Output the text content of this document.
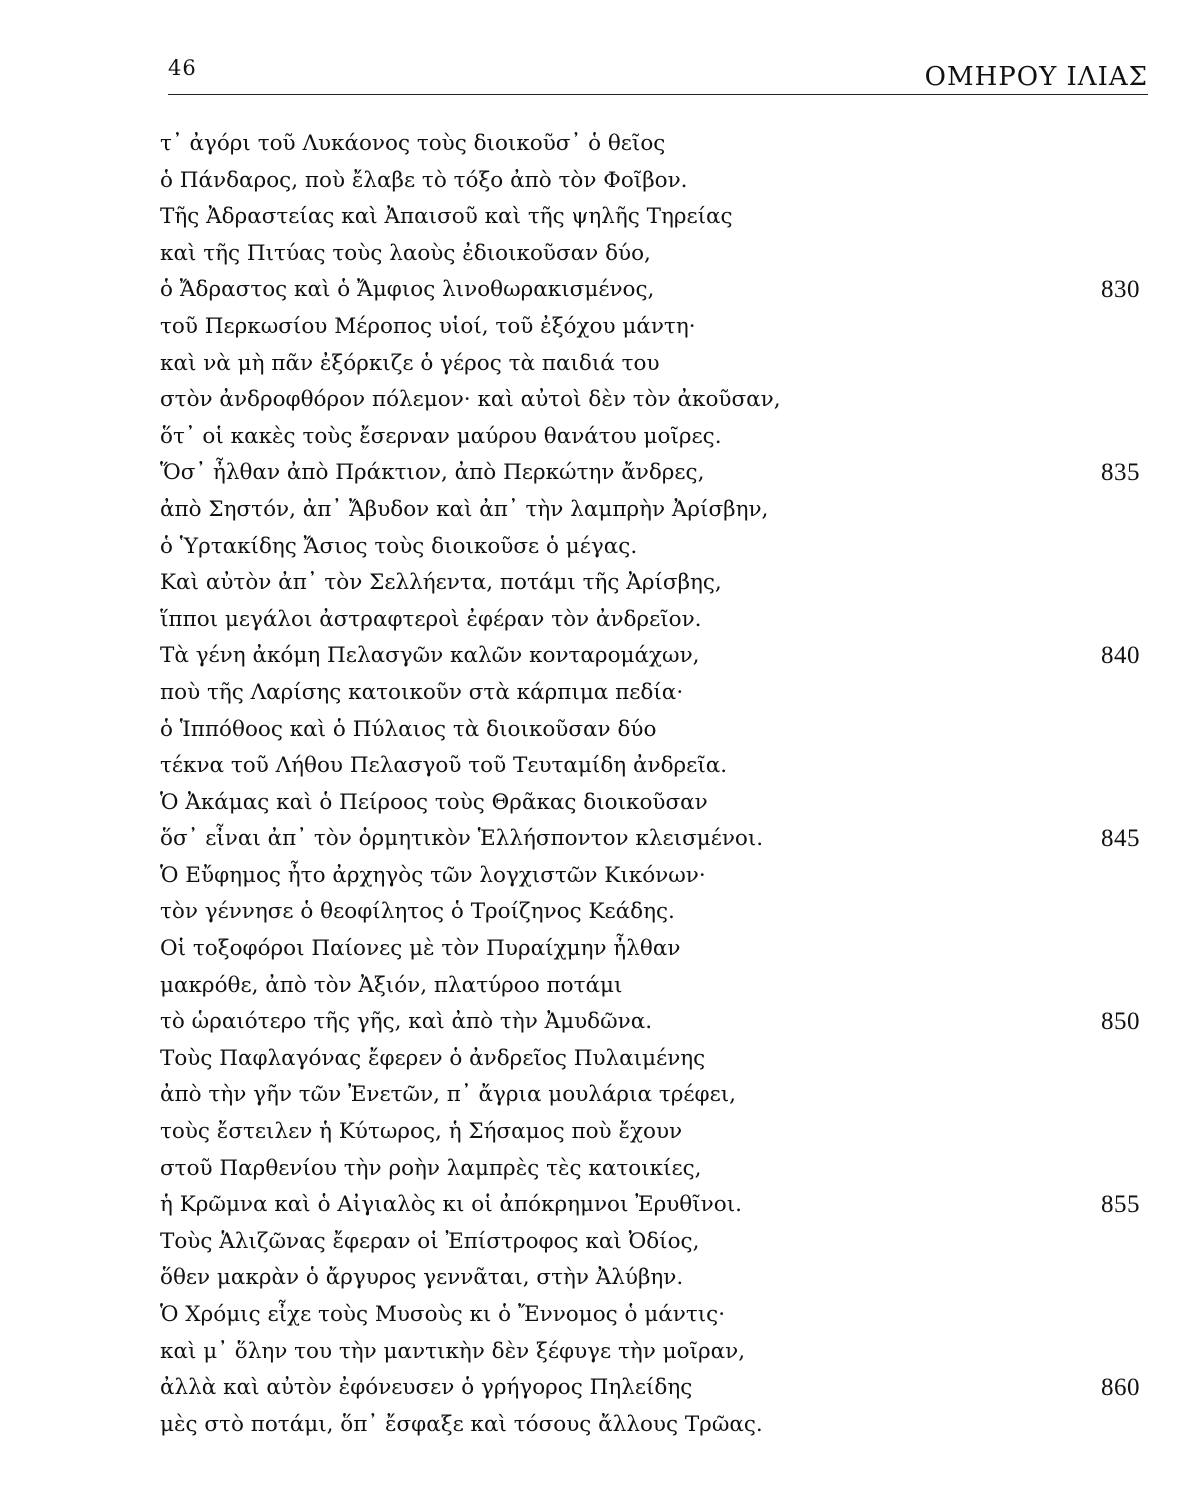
46	ΟΜΗΡΟΥ ΙΛΙΑΣ
τ᾽ ἀγόρι τοῦ Λυκάονος τοὺς διοικοῦσ᾽ ὁ θεῖος
ὁ Πάνδαρος, ποὺ ἔλαβε τὸ τόξο ἀπὸ τὸν Φοῖβον.
Τῆς Ἀδραστείας καὶ Ἀπαισοῦ καὶ τῆς ψηλῆς Τηρείας
καὶ τῆς Πιτύας τοὺς λαοὺς ἐδιοικοῦσαν δύο,
ὁ Ἄδραστος καὶ ὁ Ἄμφιος λινοθωρακισμένος,	830
τοῦ Περκωσίου Μέροπος υἱοί, τοῦ ἐξόχου μάντη·
καὶ νὰ μὴ πᾶν ἐξόρκιζε ὁ γέρος τὰ παιδιά του
στὸν ἀνδροφθόρον πόλεμον· καὶ αὐτοὶ δὲν τὸν ἀκοῦσαν,
ὅτ᾽ οἱ κακὲς τοὺς ἔσερναν μαύρου θανάτου μοῖρες.
Ὅσ᾽ ἦλθαν ἀπὸ Πράκτιον, ἀπὸ Περκώτην ἄνδρες,	835
ἀπὸ Σηστόν, ἀπ᾽ Ἄβυδον καὶ ἀπ᾽ τὴν λαμπρὴν Ἀρίσβην,
ὁ Ὑρτακίδης Ἄσιος τοὺς διοικοῦσε ὁ μέγας.
Καὶ αὐτὸν ἀπ᾽ τὸν Σελλήεντα, ποτάμι τῆς Ἀρίσβης,
ἵπποι μεγάλοι ἀστραφτεροὶ ἐφέραν τὸν ἀνδρεῖον.
Τὰ γένη ἀκόμη Πελασγῶν καλῶν κονταρομάχων,	840
ποὺ τῆς Λαρίσης κατοικοῦν στὰ κάρπιμα πεδία·
ὁ Ἱππόθοος καὶ ὁ Πύλαιος τὰ διοικοῦσαν δύο
τέκνα τοῦ Λήθου Πελασγοῦ τοῦ Τευταμίδη ἀνδρεῖα.
Ὁ Ἀκάμας καὶ ὁ Πείροος τοὺς Θρᾶκας διοικοῦσαν
ὅσ᾽ εἶναι ἀπ᾽ τὸν ὁρμητικὸν Ἑλλήσποντον κλεισμένοι.	845
Ὁ Εὔφημος ἦτο ἀρχηγὸς τῶν λογχιστῶν Κικόνων·
τὸν γέννησε ὁ θεοφίλητος ὁ Τροίζηνος Κεάδης.
Οἱ τοξοφόροι Παίονες μὲ τὸν Πυραίχμην ἦλθαν
μακρόθε, ἀπὸ τὸν Ἀξιόν, πλατύροο ποτάμι
τὸ ὡραιότερο τῆς γῆς, καὶ ἀπὸ τὴν Ἀμυδῶνα.	850
Τοὺς Παφλαγόνας ἔφερεν ὁ ἀνδρεῖος Πυλαιμένης
ἀπὸ τὴν γῆν τῶν Ἐνετῶν, π᾽ ἄγρια μουλάρια τρέφει,
τοὺς ἔστειλεν ἡ Κύτωρος, ἡ Σήσαμος ποὺ ἔχουν
στοῦ Παρθενίου τὴν ροὴν λαμπρὲς τὲς κατοικίες,
ἡ Κρῶμνα καὶ ὁ Αἰγιαλὸς κι οἱ ἀπόκρημνοι Ἐρυθῖνοι.	855
Τοὺς Ἁλιζῶνας ἔφεραν οἱ Ἐπίστροφος καὶ Ὀδίος,
ὅθεν μακρὰν ὁ ἄργυρος γεννᾶται, στὴν Ἀλύβην.
Ὁ Χρόμις εἶχε τοὺς Μυσοὺς κι ὁ Ἔννομος ὁ μάντις·
καὶ μ᾽ ὅλην του τὴν μαντικὴν δὲν ξέφυγε τὴν μοῖραν,
ἀλλὰ καὶ αὐτὸν ἐφόνευσεν ὁ γρήγορος Πηλείδης	860
μὲς στὸ ποτάμι, ὅπ᾽ ἔσφαξε καὶ τόσους ἄλλους Τρῶας.
